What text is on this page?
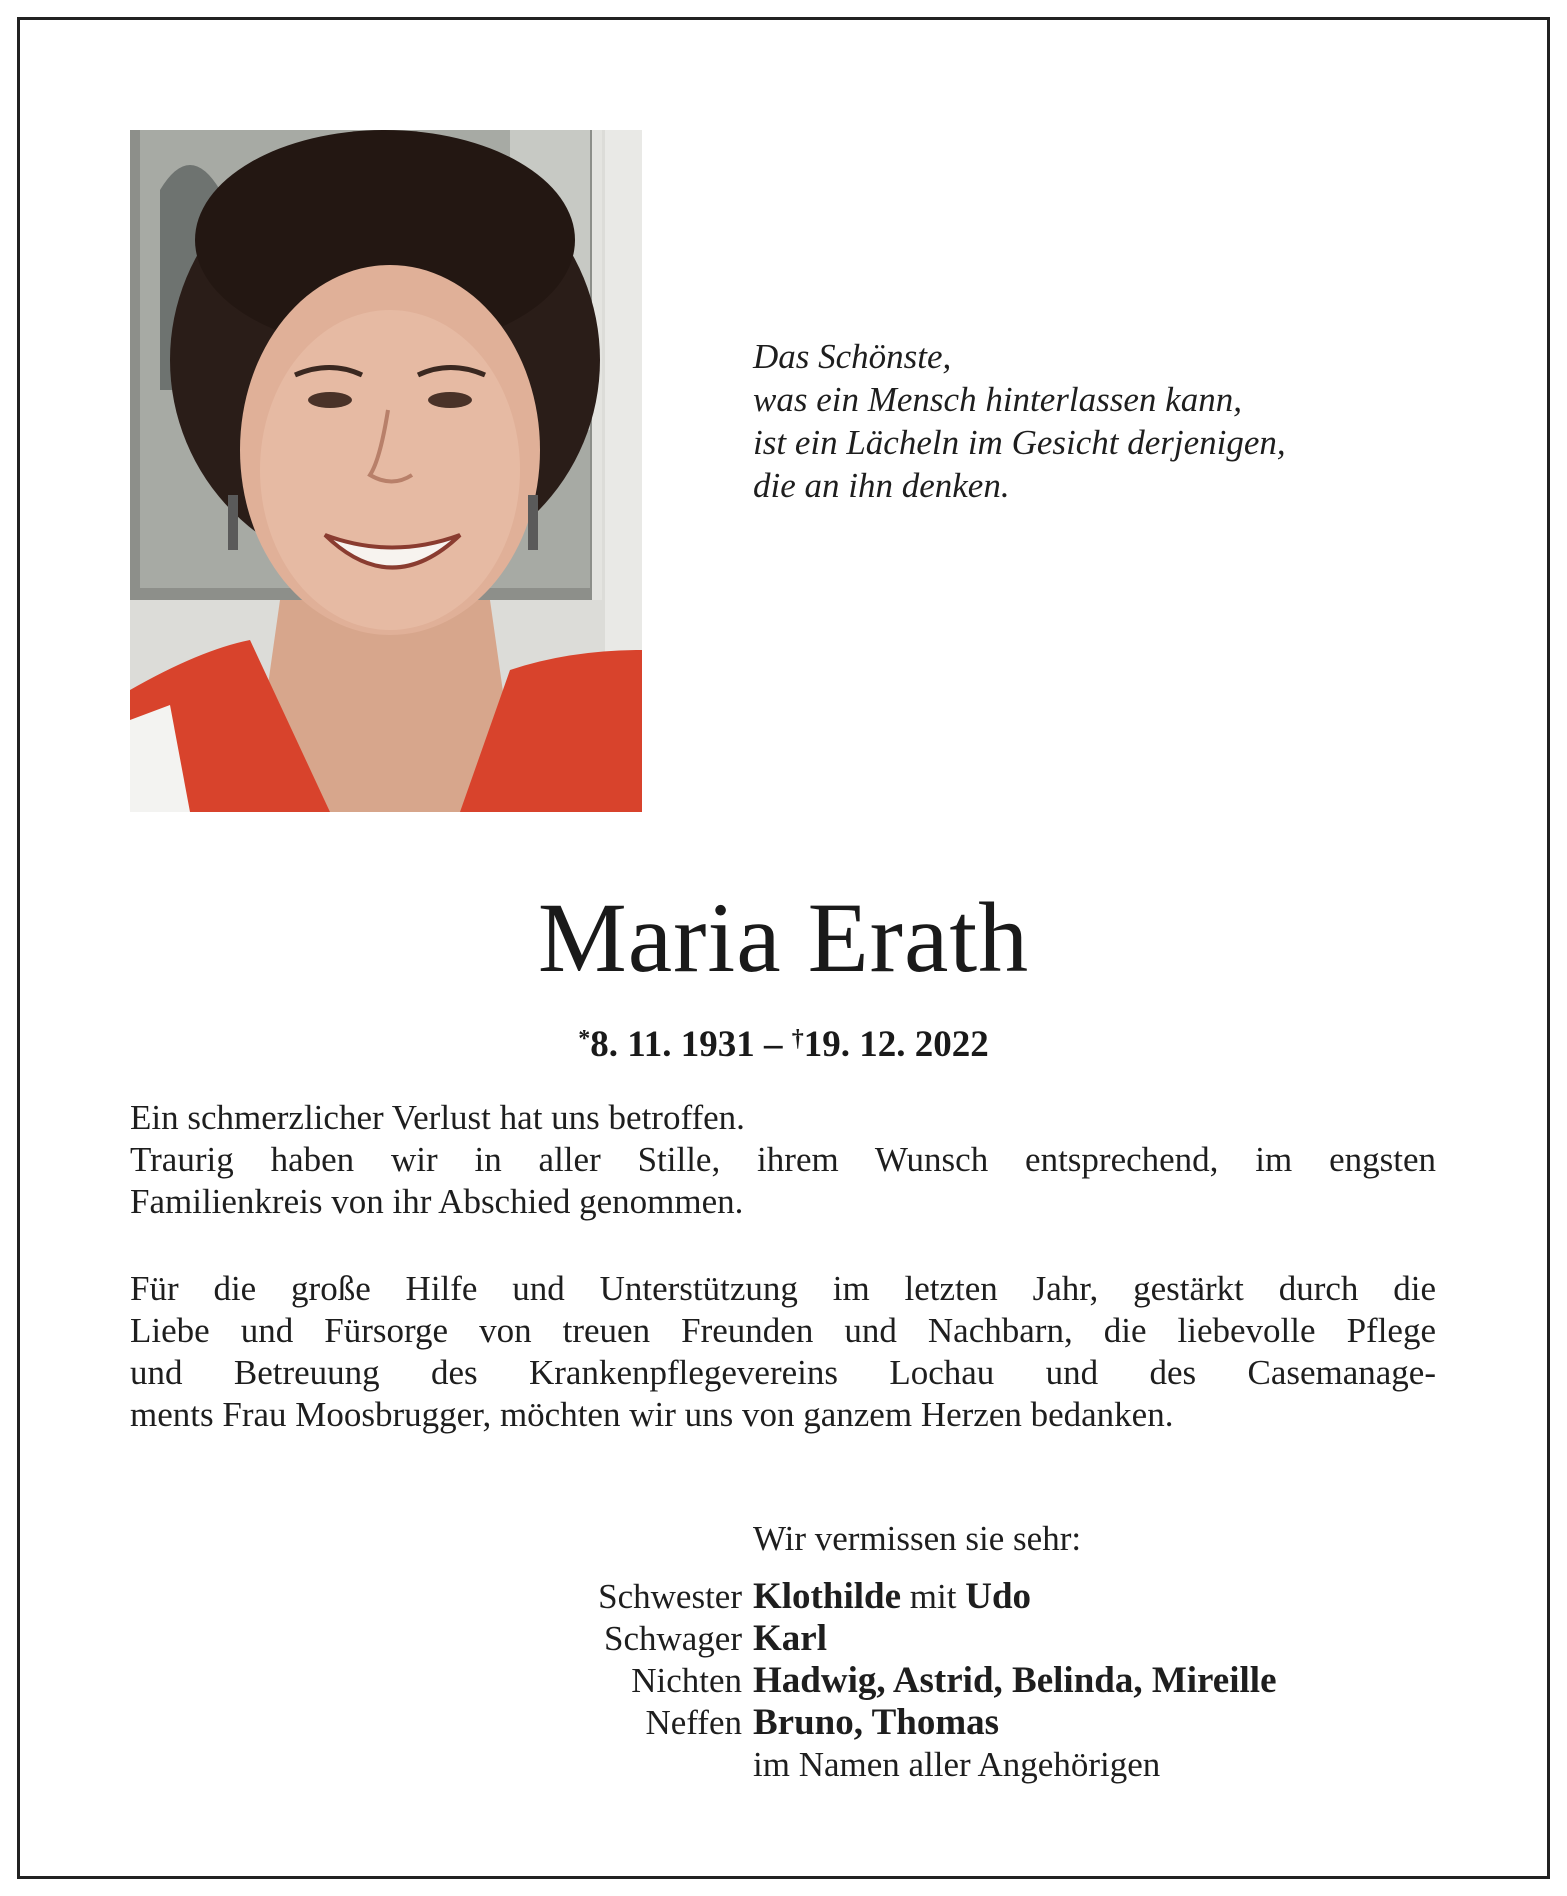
Das Schönste,
was ein Mensch hinterlassen kann,
ist ein Lächeln im Gesicht derjenigen,
die an ihn denken.
Maria Erath
*8. 11. 1931 – †19. 12. 2022
Ein schmerzlicher Verlust hat uns betroffen.
Traurig haben wir in aller Stille, ihrem Wunsch entsprechend, im engsten
Familienkreis von ihr Abschied genommen.
Für die große Hilfe und Unterstützung im letzten Jahr, gestärkt durch die
Liebe und Fürsorge von treuen Freunden und Nachbarn, die liebevolle Pflege
und Betreuung des Krankenpflegevereins Lochau und des Casemanage-
ments Frau Moosbrugger, möchten wir uns von ganzem Herzen bedanken.
Wir vermissen sie sehr:
Schwester Klothilde mit Udo
Schwager Karl
Nichten Hadwig, Astrid, Belinda, Mireille
Neffen Bruno, Thomas
im Namen aller Angehörigen
